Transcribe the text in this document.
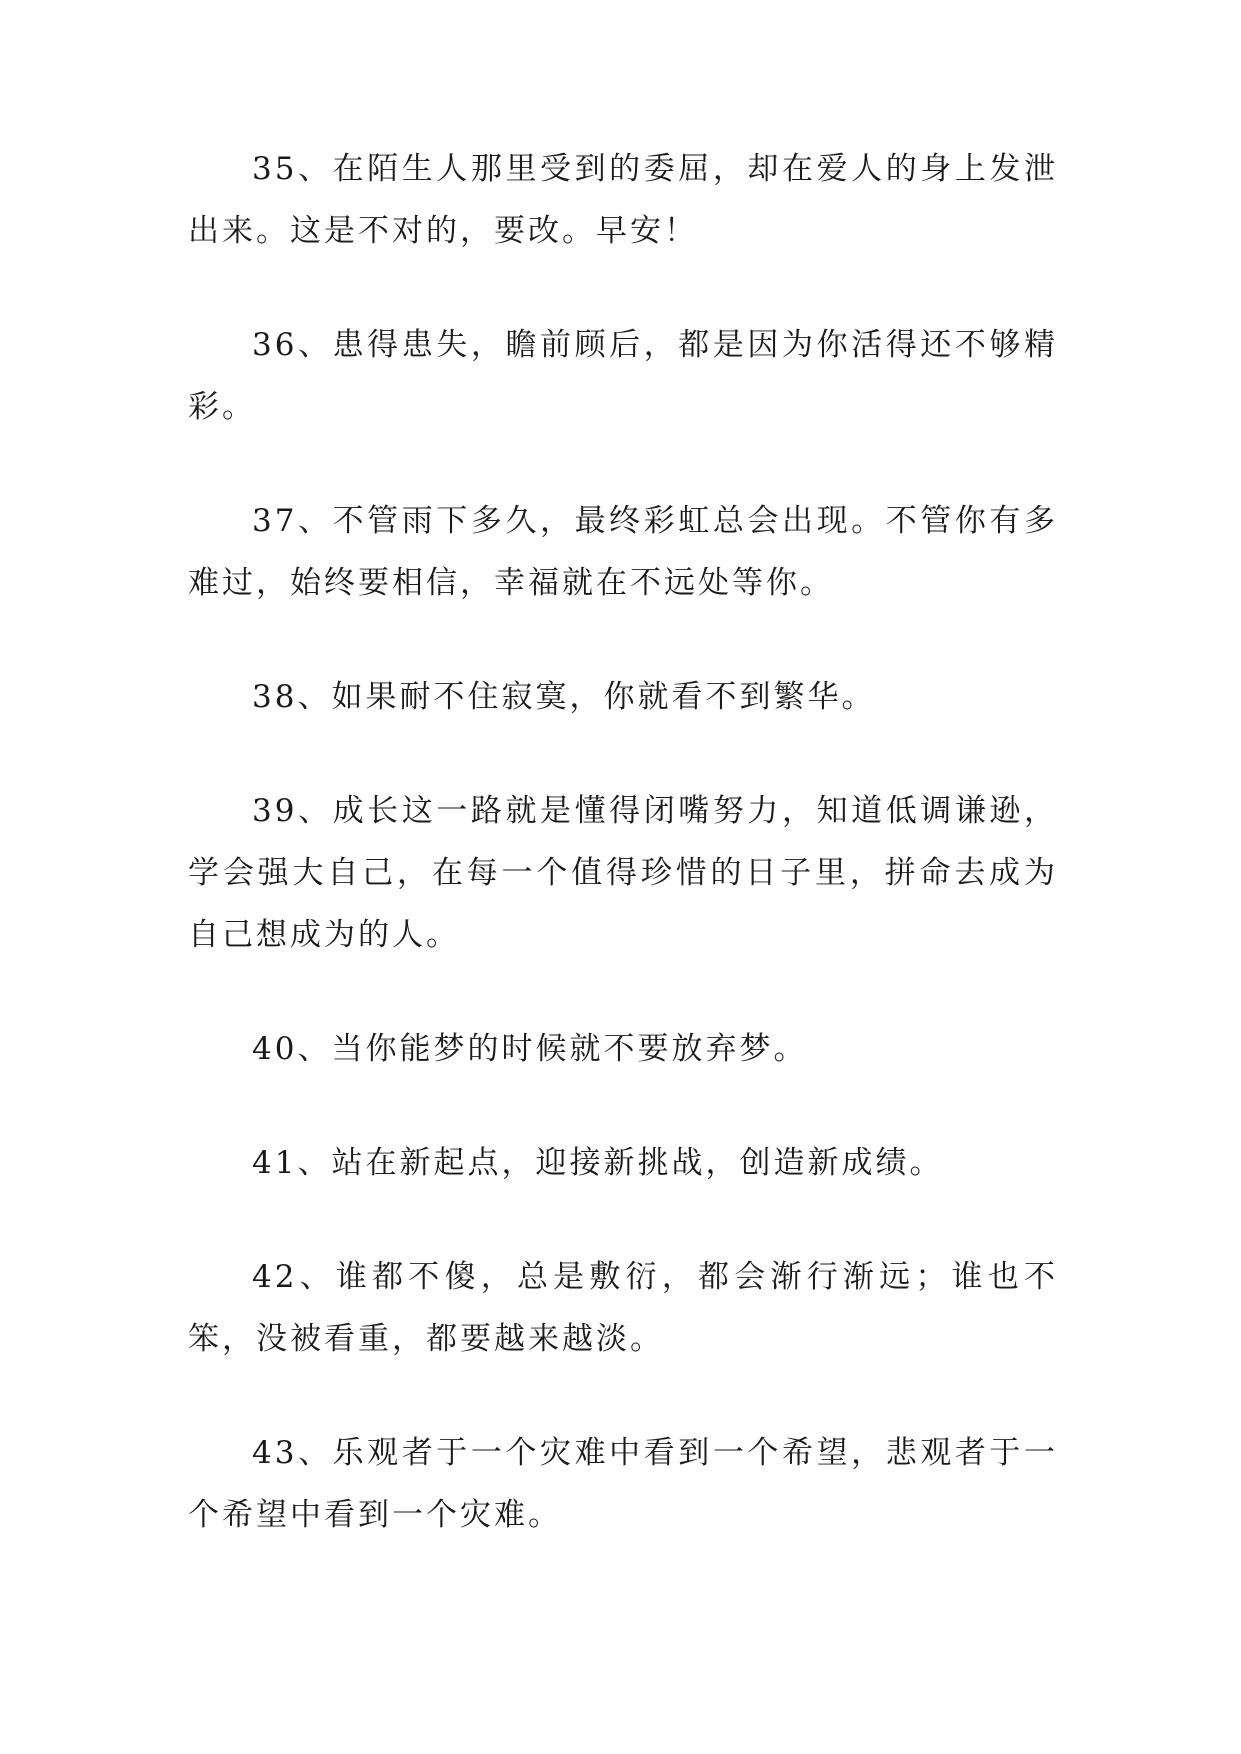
35、在陌生人那里受到的委屈，却在爱人的身上发泄出来。这是不对的，要改。早安！

36、患得患失，瞻前顾后，都是因为你活得还不够精彩。

37、不管雨下多久，最终彩虹总会出现。不管你有多难过，始终要相信，幸福就在不远处等你。

38、如果耐不住寂寞，你就看不到繁华。

39、成长这一路就是懂得闭嘴努力，知道低调谦逊，学会强大自己，在每一个值得珍惜的日子里，拼命去成为自己想成为的人。

40、当你能梦的时候就不要放弃梦。

41、站在新起点，迎接新挑战，创造新成绩。

42、谁都不傻，总是敷衍，都会渐行渐远；谁也不笨，没被看重，都要越来越淡。

43、乐观者于一个灾难中看到一个希望，悲观者于一个希望中看到一个灾难。
